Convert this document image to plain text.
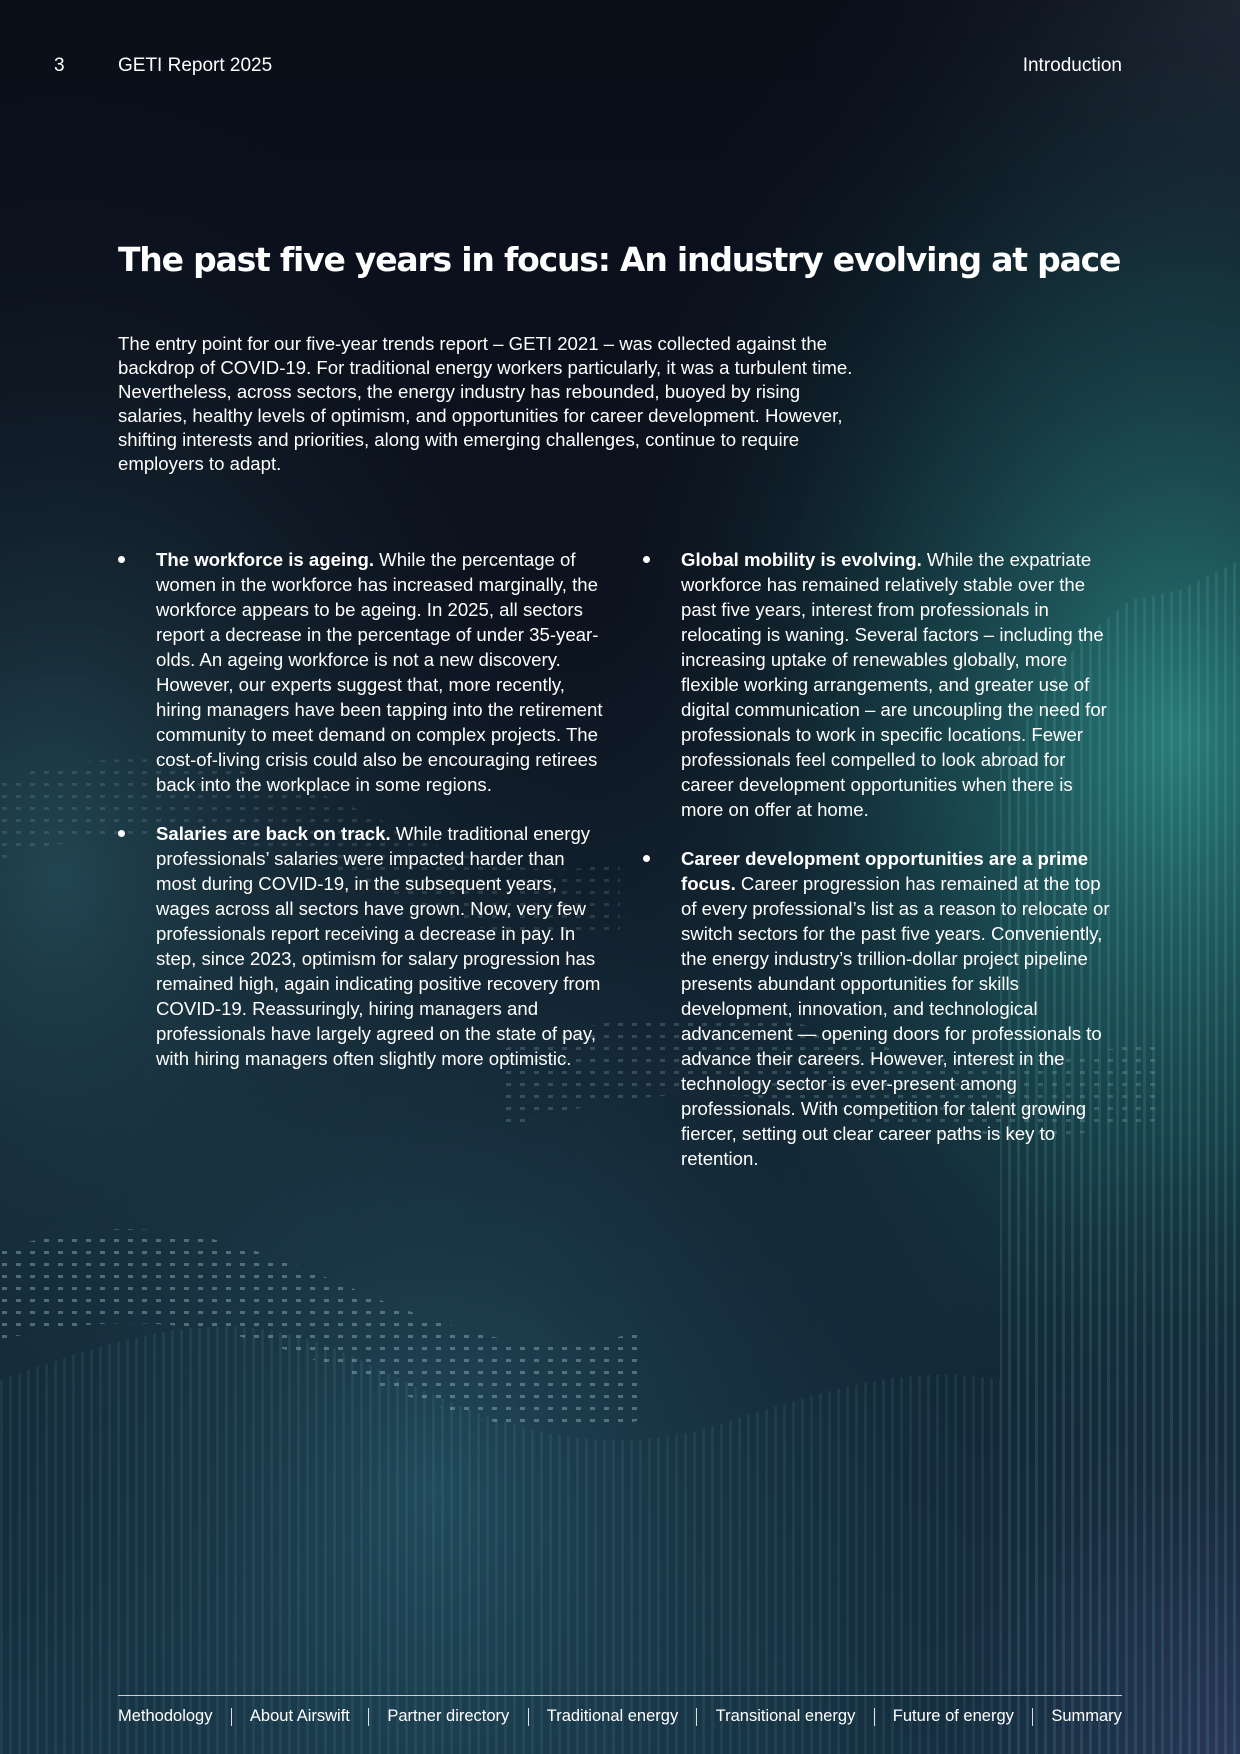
3	GETI Report 2025	Introduction
The past five years in focus: An industry evolving at pace

The entry point for our five-year trends report – GETI 2021 – was collected against the backdrop of COVID-19. For traditional energy workers particularly, it was a turbulent time. Nevertheless, across sectors, the energy industry has rebounded, buoyed by rising salaries, healthy levels of optimism, and opportunities for career development. However, shifting interests and priorities, along with emerging challenges, continue to require employers to adapt.

The workforce is ageing. While the percentage of women in the workforce has increased marginally, the workforce appears to be ageing. In 2025, all sectors report a decrease in the percentage of under 35-year-olds. An ageing workforce is not a new discovery. However, our experts suggest that, more recently, hiring managers have been tapping into the retirement community to meet demand on complex projects. The cost-of-living crisis could also be encouraging retirees back into the workplace in some regions.
Salaries are back on track. While traditional energy professionals’ salaries were impacted harder than most during COVID-19, in the subsequent years, wages across all sectors have grown. Now, very few professionals report receiving a decrease in pay. In step, since 2023, optimism for salary progression has remained high, again indicating positive recovery from COVID-19. Reassuringly, hiring managers and professionals have largely agreed on the state of pay, with hiring managers often slightly more optimistic.
Global mobility is evolving. While the expatriate workforce has remained relatively stable over the past five years, interest from professionals in relocating is waning. Several factors – including the increasing uptake of renewables globally, more flexible working arrangements, and greater use of digital communication – are uncoupling the need for professionals to work in specific locations. Fewer professionals feel compelled to look abroad for career development opportunities when there is more on offer at home.
Career development opportunities are a prime focus. Career progression has remained at the top of every professional’s list as a reason to relocate or switch sectors for the past five years. Conveniently, the energy industry’s trillion-dollar project pipeline presents abundant opportunities for skills development, innovation, and technological advancement — opening doors for professionals to advance their careers. However, interest in the technology sector is ever-present among professionals. With competition for talent growing fiercer, setting out clear career paths is key to retention.
Methodology About Airswift Partner directory Traditional energy Transitional energy Future of energy Summary
